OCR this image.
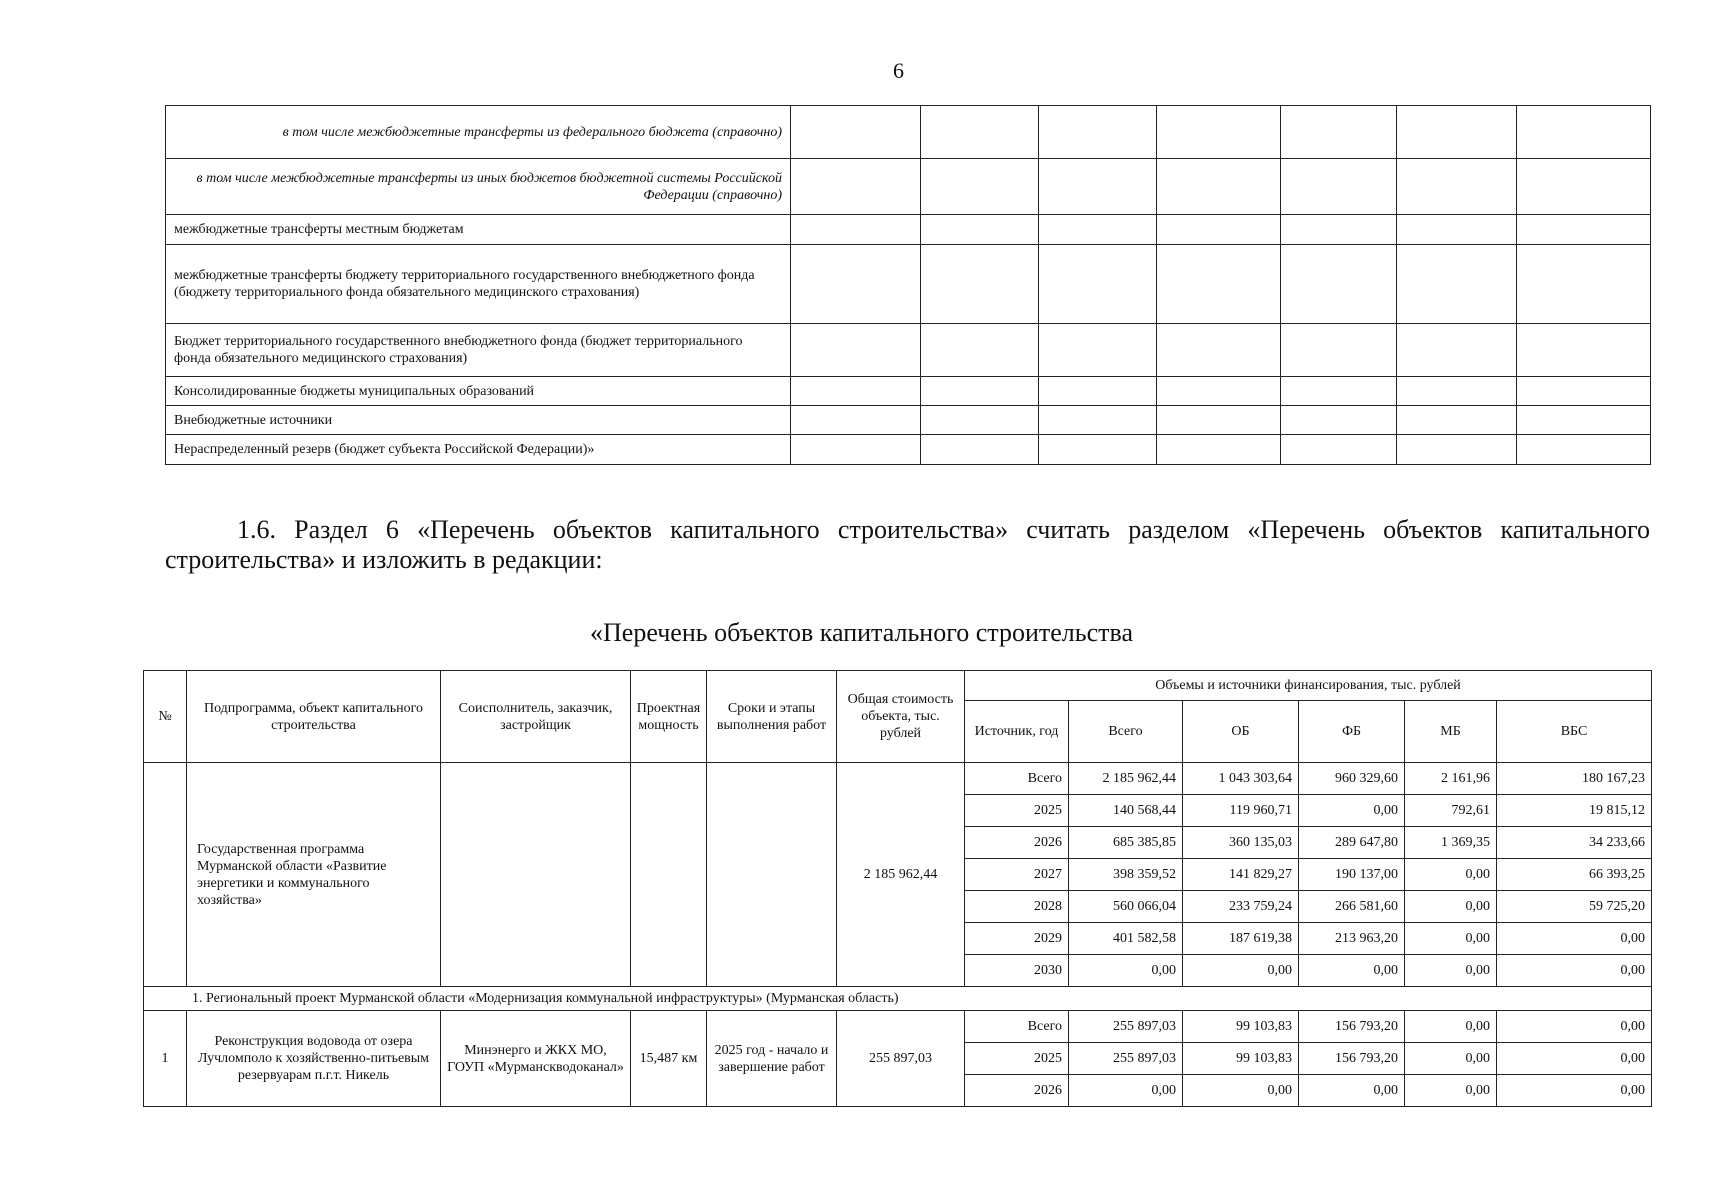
6
в том числе межбюджетные трансферты из федерального бюджета (справочно)							
в том числе межбюджетные трансферты из иных бюджетов бюджетной системы Российской Федерации (справочно)							
межбюджетные трансферты местным бюджетам							
межбюджетные трансферты бюджету территориального государственного внебюджетного фонда (бюджету территориального фонда обязательного медицинского страхования)							
Бюджет территориального государственного внебюджетного фонда (бюджет территориального фонда обязательного медицинского страхования)							
Консолидированные бюджеты муниципальных образований							
Внебюджетные источники							
Нераспределенный резерв (бюджет субъекта Российской Федерации)»							
1.6. Раздел 6 «Перечень объектов капитального строительства» считать разделом «Перечень объектов капитального строительства» и изложить в редакции:
«Перечень объектов капитального строительства
№	Подпрограмма, объект капитального строительства	Соисполнитель, заказчик, застройщик	Проектная мощность	Сроки и этапы выполнения работ	Общая стоимость объекта, тыс. рублей	Объемы и источники финансирования, тыс. рублей					
						Источник, год	Всего	ОБ	ФБ	МБ	ВБС
	Государственная программа Мурманской области «Развитие энергетики и коммунального хозяйства»				2 185 962,44	Всего	2 185 962,44	1 043 303,64	960 329,60	2 161,96	180 167,23
						2025	140 568,44	119 960,71	0,00	792,61	19 815,12
						2026	685 385,85	360 135,03	289 647,80	1 369,35	34 233,66
						2027	398 359,52	141 829,27	190 137,00	0,00	66 393,25
						2028	560 066,04	233 759,24	266 581,60	0,00	59 725,20
						2029	401 582,58	187 619,38	213 963,20	0,00	0,00
						2030	0,00	0,00	0,00	0,00	0,00
1. Региональный проект Мурманской области «Модернизация коммунальной инфраструктуры» (Мурманская область)											
1	Реконструкция водовода от озера Лучломполо к хозяйственно-питьевым резервуарам п.г.т. Никель	Минэнерго и ЖКХ МО, ГОУП «Мурманскводоканал»	15,487 км	2025 год - начало и завершение работ	255 897,03	Всего	255 897,03	99 103,83	156 793,20	0,00	0,00
						2025	255 897,03	99 103,83	156 793,20	0,00	0,00
						2026	0,00	0,00	0,00	0,00	0,00
